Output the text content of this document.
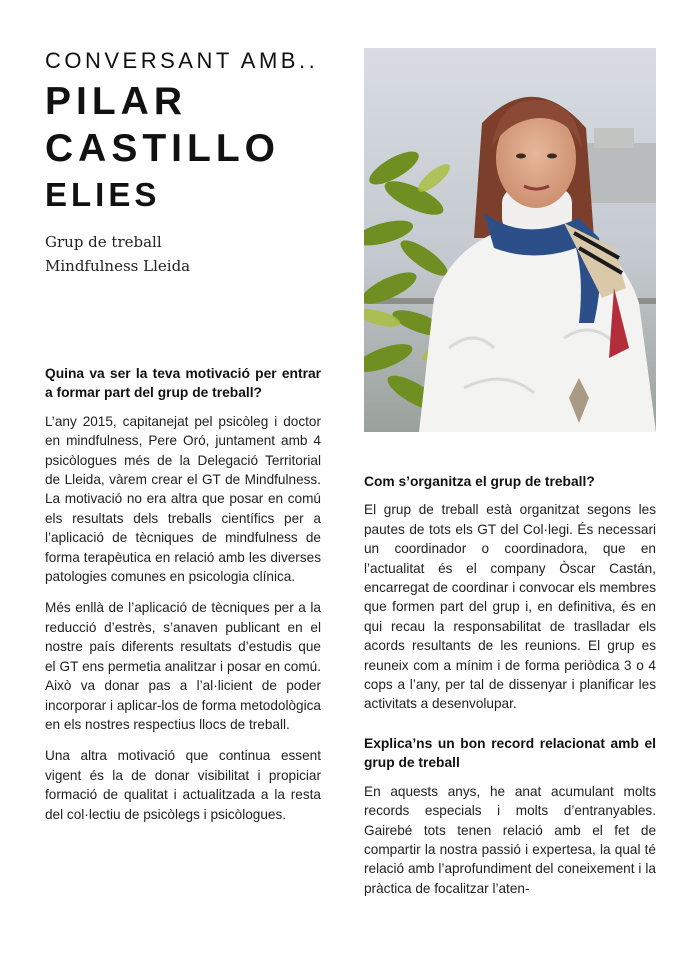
CONVERSANT AMB..
PILAR
CASTILLO
ELIES
Grup de treball
Mindfulness Lleida
Quina va ser la teva motivació per entrar a formar part del grup de treball?

L’any 2015, capitanejat pel psicòleg i doctor en mindfulness, Pere Oró, juntament amb 4 psicòlogues més de la Delegació Territorial de Lleida, vàrem crear el GT de Mindfulness. La motivació no era altra que posar en comú els resultats dels treballs científics per a l’aplicació de tècniques de mindfulness de forma terapèutica en relació amb les diverses patologies comunes en psicologia clínica.

Més enllà de l’aplicació de tècniques per a la reducció d’estrès, s’anaven publicant en el nostre país diferents resultats d’estudis que el GT ens permetia analitzar i posar en comú. Això va donar pas a l’al·licient de poder incorporar i aplicar-los de forma metodològica en els nostres respectius llocs de treball.

Una altra motivació que continua essent vigent és la de donar visibilitat i propiciar formació de qualitat i actualitzada a la resta del col·lectiu de psicòlegs i psicòlogues.

Com s’organitza el grup de treball?

El grup de treball està organitzat segons les pautes de tots els GT del Col·legi. És necessari un coordinador o coordinadora, que en l’actualitat és el company Òscar Castán, encarregat de coordinar i convocar els membres que formen part del grup i, en definitiva, és en qui recau la responsabilitat de traslladar els acords resultants de les reunions. El grup es reuneix com a mínim i de forma periòdica 3 o 4 cops a l’any, per tal de dissenyar i planificar les activitats a desenvolupar.

Explica’ns un bon record relacionat amb el grup de treball

En aquests anys, he anat acumulant molts records especials i molts d’entranyables. Gairebé tots tenen relació amb el fet de compartir la nostra passió i expertesa, la qual té relació amb l’aprofundiment del coneixement i la pràctica de focalitzar l’aten-
